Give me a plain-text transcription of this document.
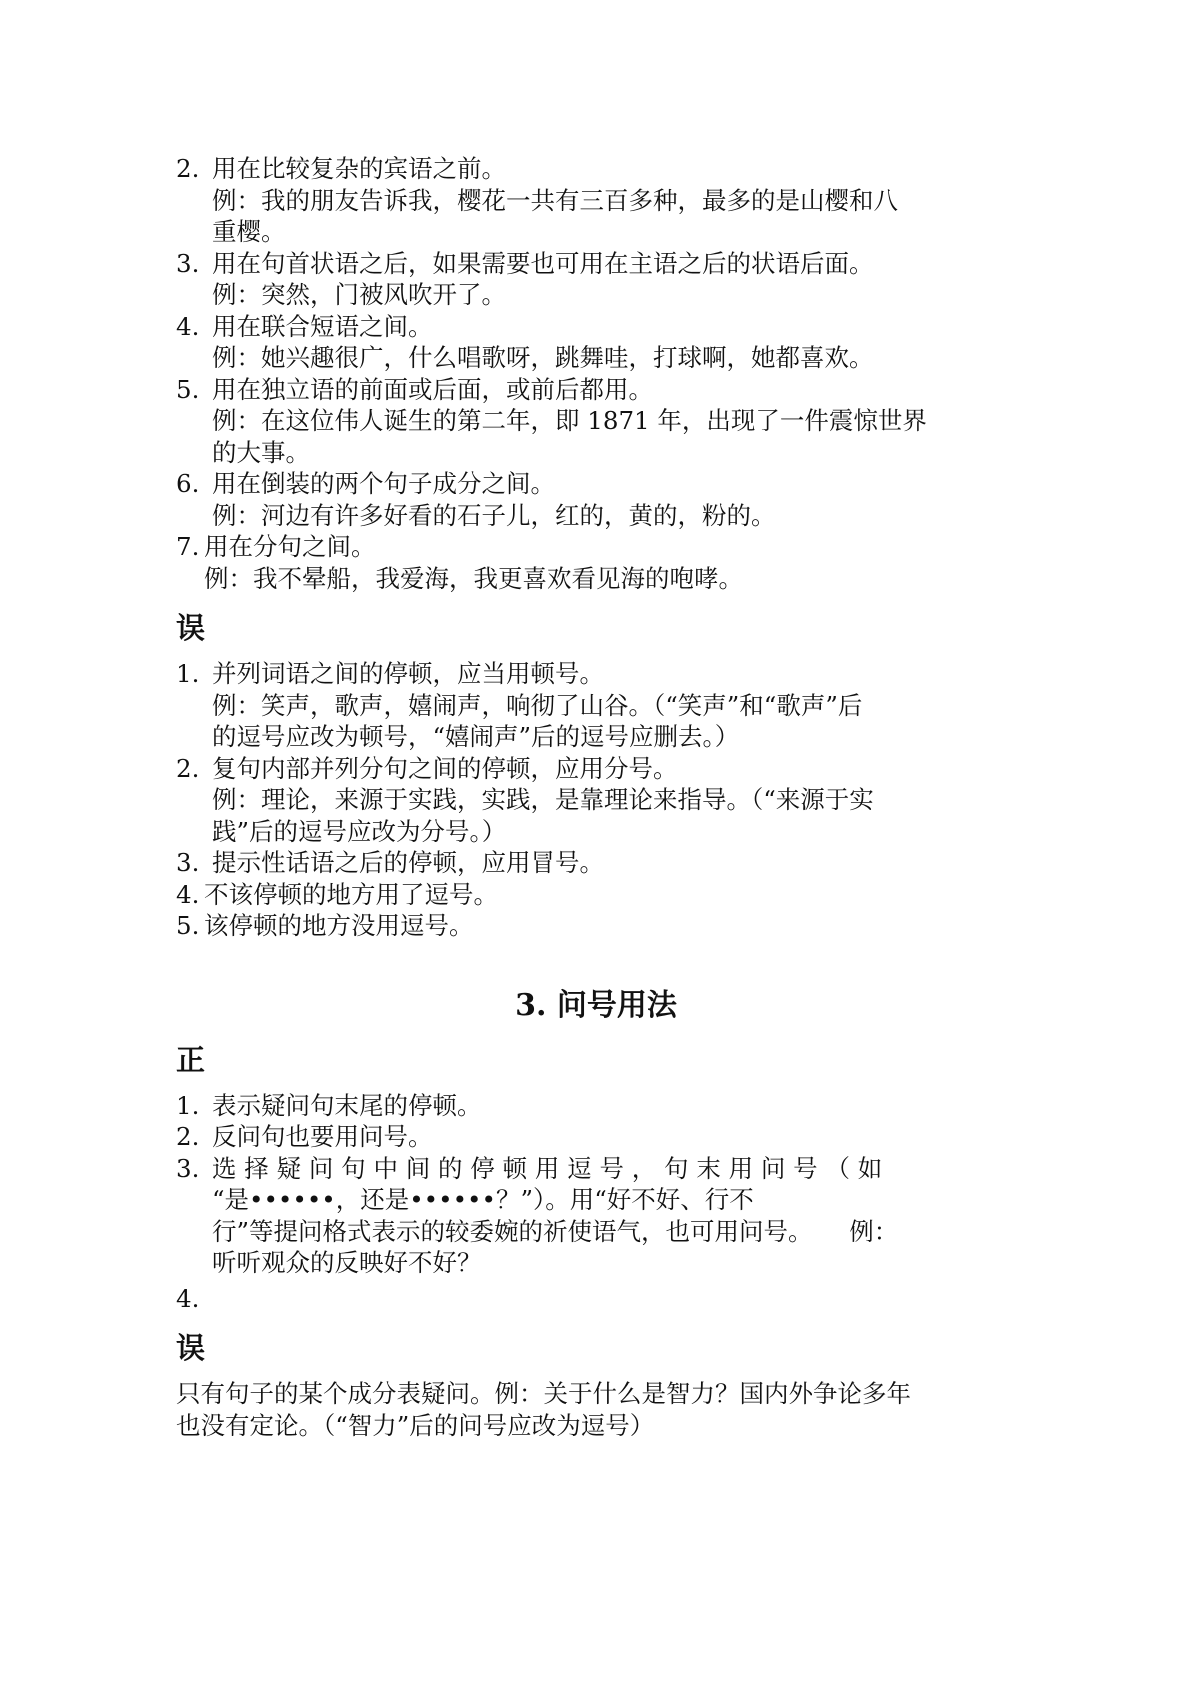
2. 用在比较复杂的宾语之前。
例：我的朋友告诉我，樱花一共有三百多种，最多的是山樱和八
重樱。
3. 用在句首状语之后，如果需要也可用在主语之后的状语后面。
例：突然，门被风吹开了。
4. 用在联合短语之间。
例：她兴趣很广，什么唱歌呀，跳舞哇，打球啊，她都喜欢。
5. 用在独立语的前面或后面，或前后都用。
例：在这位伟人诞生的第二年，即 1871 年，出现了一件震惊世界
的大事。
6. 用在倒装的两个句子成分之间。
例：河边有许多好看的石子儿，红的，黄的，粉的。
7. 用在分句之间。
例：我不晕船，我爱海，我更喜欢看见海的咆哮。
误
1. 并列词语之间的停顿，应当用顿号。
例：笑声，歌声，嬉闹声，响彻了山谷。（“笑声”和“歌声”后
的逗号应改为顿号，“嬉闹声”后的逗号应删去。）
2. 复句内部并列分句之间的停顿，应用分号。
例：理论，来源于实践，实践，是靠理论来指导。（“来源于实
践”后的逗号应改为分号。）
3. 提示性话语之后的停顿，应用冒号。
4. 不该停顿的地方用了逗号。
5. 该停顿的地方没用逗号。
3. 问号用法
正
1. 表示疑问句末尾的停顿。
2. 反问句也要用问号。
3. 选 择 疑 问 句 中 间 的 停 顿 用 逗 号 ， 句 末 用 问 号 （ 如
“是••••••，还是••••••？”）。用“好不好、行不
行”等提问格式表示的较委婉的祈使语气，也可用问号。　　例：
听听观众的反映好不好？
4.
误
只有句子的某个成分表疑问。例：关于什么是智力？国内外争论多年
也没有定论。（“智力”后的问号应改为逗号）
